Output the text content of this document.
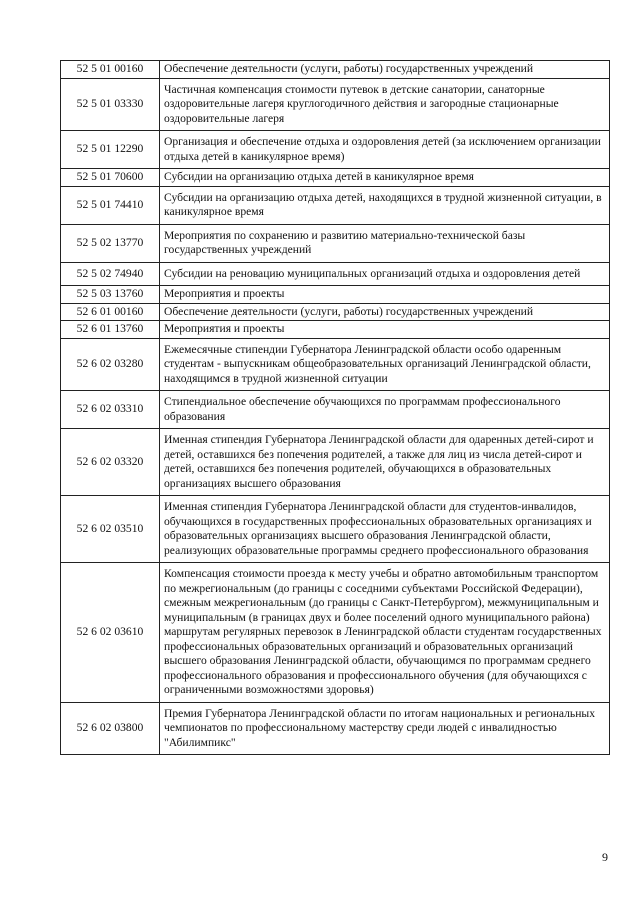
52 5 01 00160	Обеспечение деятельности (услуги, работы) государственных учреждений
52 5 01 03330	Частичная компенсация стоимости путевок в детские санатории, санаторные оздоровительные лагеря круглогодичного действия и загородные стационарные оздоровительные лагеря
52 5 01 12290	Организация и обеспечение отдыха и оздоровления детей (за исключением организации отдыха детей в каникулярное время)
52 5 01 70600	Субсидии на организацию отдыха детей в каникулярное время
52 5 01 74410	Субсидии на организацию отдыха детей, находящихся в трудной жизненной ситуации, в каникулярное время
52 5 02 13770	Мероприятия по сохранению и развитию материально-технической базы государственных учреждений
52 5 02 74940	Субсидии на реновацию муниципальных организаций отдыха и оздоровления детей
52 5 03 13760	Мероприятия и проекты
52 6 01 00160	Обеспечение деятельности (услуги, работы) государственных учреждений
52 6 01 13760	Мероприятия и проекты
52 6 02 03280	Ежемесячные стипендии Губернатора Ленинградской области особо одаренным студентам - выпускникам общеобразовательных организаций Ленинградской области, находящимся в трудной жизненной ситуации
52 6 02 03310	Стипендиальное обеспечение обучающихся по программам профессионального образования
52 6 02 03320	Именная стипендия Губернатора Ленинградской области для одаренных детей-сирот и детей, оставшихся без попечения родителей, а также для лиц из числа детей-сирот и детей, оставшихся без попечения родителей, обучающихся в образовательных организациях высшего образования
52 6 02 03510	Именная стипендия Губернатора Ленинградской области для студентов-инвалидов, обучающихся в государственных профессиональных образовательных организациях и образовательных организациях высшего образования Ленинградской области, реализующих образовательные программы среднего профессионального образования
52 6 02 03610	Компенсация стоимости проезда к месту учебы и обратно автомобильным транспортом по межрегиональным (до границы с соседними субъектами Российской Федерации), смежным межрегиональным (до границы с Санкт-Петербургом), межмуниципальным и муниципальным (в границах двух и более поселений одного муниципального района) маршрутам регулярных перевозок в Ленинградской области студентам государственных профессиональных образовательных организаций и образовательных организаций высшего образования Ленинградской области, обучающимся по программам среднего профессионального образования и профессионального обучения (для обучающихся с ограниченными возможностями здоровья)
52 6 02 03800	Премия Губернатора Ленинградской области по итогам национальных и региональных чемпионатов по профессиональному мастерству среди людей с инвалидностью "Абилимпикс"
9
